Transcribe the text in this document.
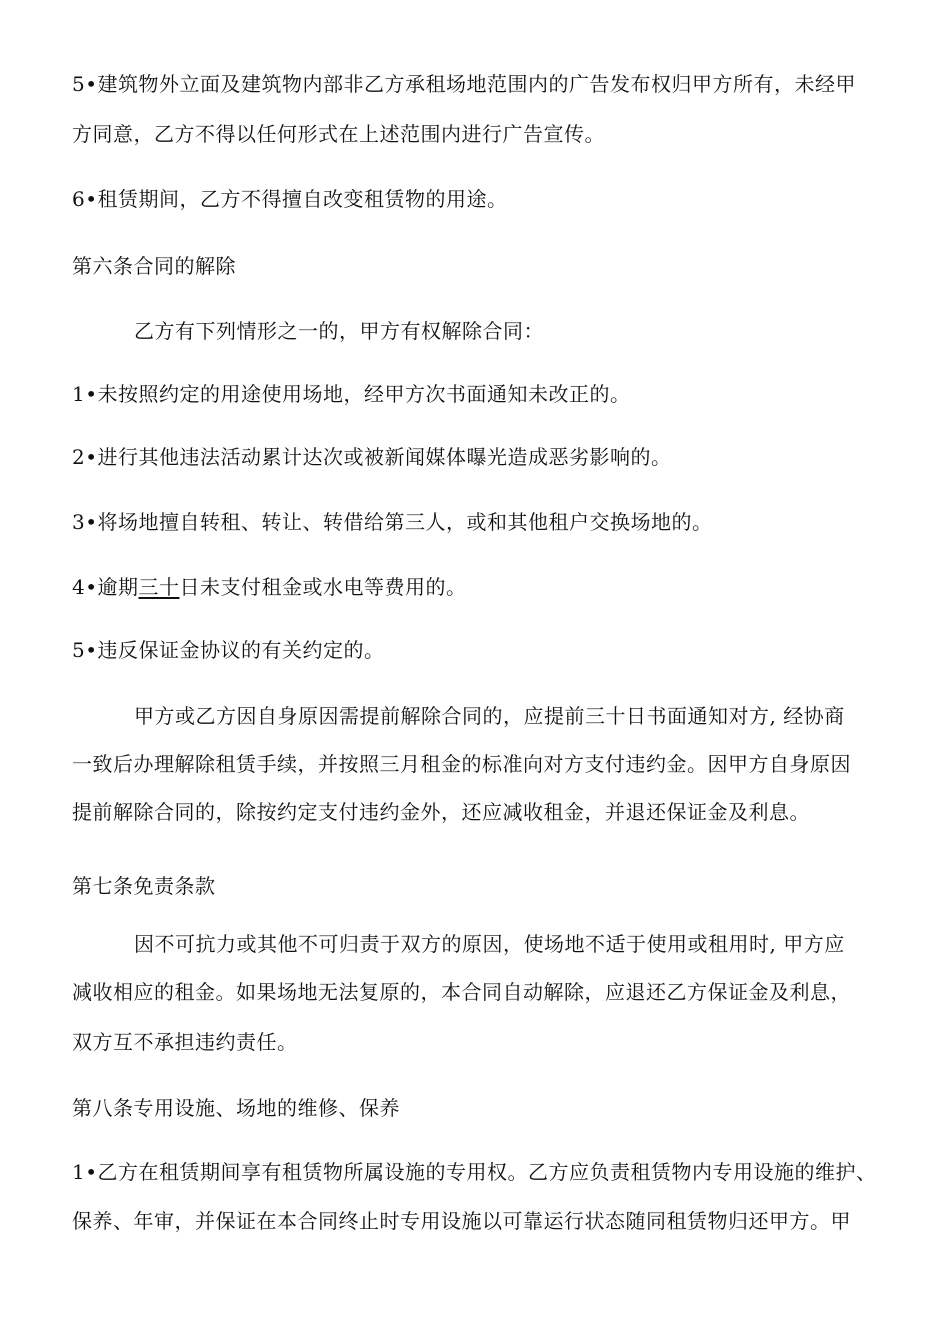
5•建筑物外立面及建筑物内部非乙方承租场地范围内的广告发布权归甲方所有，未经甲
方同意，乙方不得以任何形式在上述范围内进行广告宣传。
6•租赁期间，乙方不得擅自改变租赁物的用途。
第六条合同的解除
乙方有下列情形之一的，甲方有权解除合同：
1•未按照约定的用途使用场地，经甲方次书面通知未改正的。
2•进行其他违法活动累计达次或被新闻媒体曝光造成恶劣影响的。
3•将场地擅自转租、转让、转借给第三人，或和其他租户交换场地的。
4•逾期三十日未支付租金或水电等费用的。
5•违反保证金协议的有关约定的。
甲方或乙方因自身原因需提前解除合同的，应提前三十日书面通知对方, 经协商
一致后办理解除租赁手续，并按照三月租金的标准向对方支付违约金。因甲方自身原因
提前解除合同的，除按约定支付违约金外，还应减收租金，并退还保证金及利息。
第七条免责条款
因不可抗力或其他不可归责于双方的原因，使场地不适于使用或租用时, 甲方应
减收相应的租金。如果场地无法复原的，本合同自动解除，应退还乙方保证金及利息，
双方互不承担违约责任。
第八条专用设施、场地的维修、保养
1•乙方在租赁期间享有租赁物所属设施的专用权。乙方应负责租赁物内专用设施的维护、
保养、年审，并保证在本合同终止时专用设施以可靠运行状态随同租赁物归还甲方。甲
